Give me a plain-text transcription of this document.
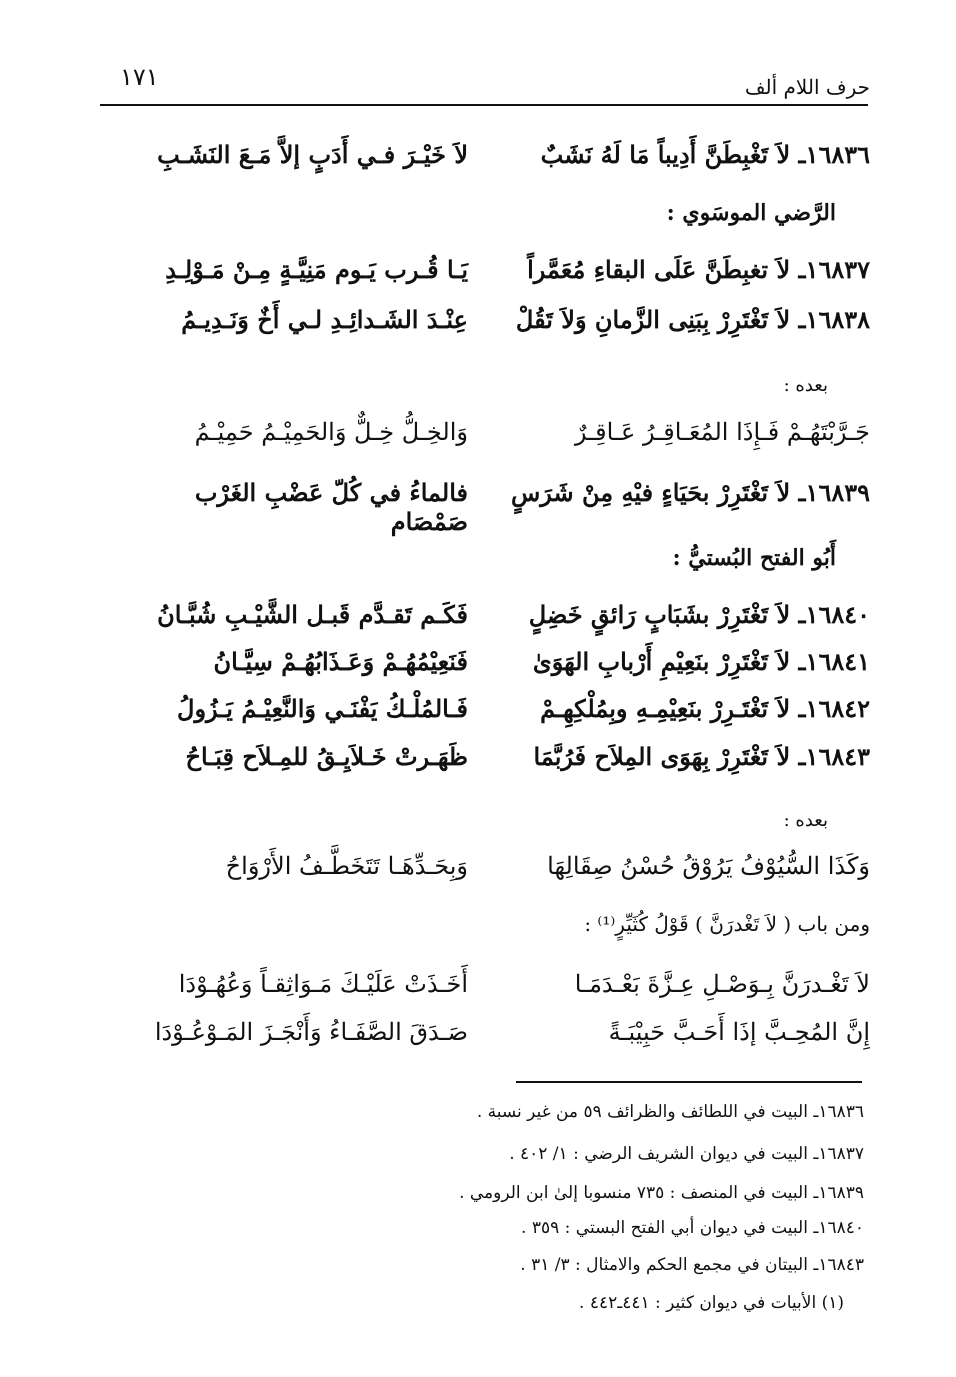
حرف اللام ألف
١٧١
١٦٨٣٦ـ لاَ تَغْبِطَنَّ أَدِيباً مَا لَهُ نَشَبٌ
لاَ خَيْـرَ فـي أَدَبٍ إلاَّ مَـعَ النَشَـبِ
الرَّضي الموسَوي :
١٦٨٣٧ـ لاَ تغبِطَنَّ عَلَى البقاءِ مُعَمَّراً
يَـا قُـرب يَـوم مَنِيَّـةٍ مِـنْ مَـوْلِـدِ
١٦٨٣٨ـ لاَ تَغْتَرِرْ بِبَنِى الزَّمانِ وَلاَ تَقُلْ
عِنْـدَ الشَـدائِـدِ لـي أَخٌ وَنَـدِيـمُ
بعده :
جَـرَّبْتَهُـمْ فَـإِذَا المُعَـاقِـرُ عَـاقِـرٌ
وَالخِـلُّ خِـلٌّ وَالحَمِيْـمُ حَمِيْـمُ
١٦٨٣٩ـ لاَ تَغْتَرِرْ بحَيَاءٍ فيْهِ مِنْ شَرَسٍ
فالماءُ في كُلّ عَضْبِ الغَرْب صَمْصَام
أَبُو الفتح البُستيُّ :
١٦٨٤٠ـ لاَ تَغْتَرِرْ بشَبَابٍ رَائقٍ خَضِلٍ
فَكَـم تَقـدَّم قَبـل الشَّيْـبِ شُبَّـانُ
١٦٨٤١ـ لاَ تَغْتَرِرْ بنَعِيْمِ أَرْبابِ الهَوَىٰ
فَنَعِيْمُهُـمْ وَعَـذَابُهُـمْ سِيَّـانُ
١٦٨٤٢ـ لاَ تَغْتَـرِرْ بنَعِيْمِـهِ وبِمُلْكِهِـمْ
فَـالمُلْـكُ يَفْنَـي وَالنَّعِيْـمُ يَـزُولُ
١٦٨٤٣ـ لاَ تَغْتَرِرْ بِهَوَى المِلاَح فَرُبَّمَا
ظَهَـرتْ خَـلاَيِـقُ للمِـلاَح قِبَـاحُ
بعده :
وَكَذَا السُّيُوْفُ يَرُوْقُ حُسْنُ صِقَالِهَا
وَبِحَـدِّهَـا تَتَخَطَّـفُ الأَرْوَاحُ
ومن باب ( لاَ تَغْدرَنَّ ) قَوْلُ كُثَيِّرٍ⁽¹⁾ :
لاَ تَغْـدرَنَّ بِـوَصْـلِ عِـزَّةَ بَعْـدَمَـا
أَخَـذَتْ عَلَيْـكَ مَـوَاثِقـاً وَعُهُـوْدَا
إِنَّ المُحِـبَّ إذَا أَحَـبَّ حَبِيْبَـةً
صَـدَقَ الصَّفَـاءُ وَأَنْجَـزَ المَـوْعُـوْدَا
١٦٨٣٦ـ البيت في اللطائف والظرائف ٥٩ من غير نسبة .
١٦٨٣٧ـ البيت في ديوان الشريف الرضي : ١/ ٤٠٢ .
١٦٨٣٩ـ البيت في المنصف : ٧٣٥ منسوبا إلىٰ ابن الرومي .
١٦٨٤٠ـ البيت في ديوان أبي الفتح البستي : ٣٥٩ .
١٦٨٤٣ـ البيتان في مجمع الحكم والامثال : ٣/ ٣١ .
(١) الأبيات في ديوان كثير : ٤٤١ـ٤٤٢ .
